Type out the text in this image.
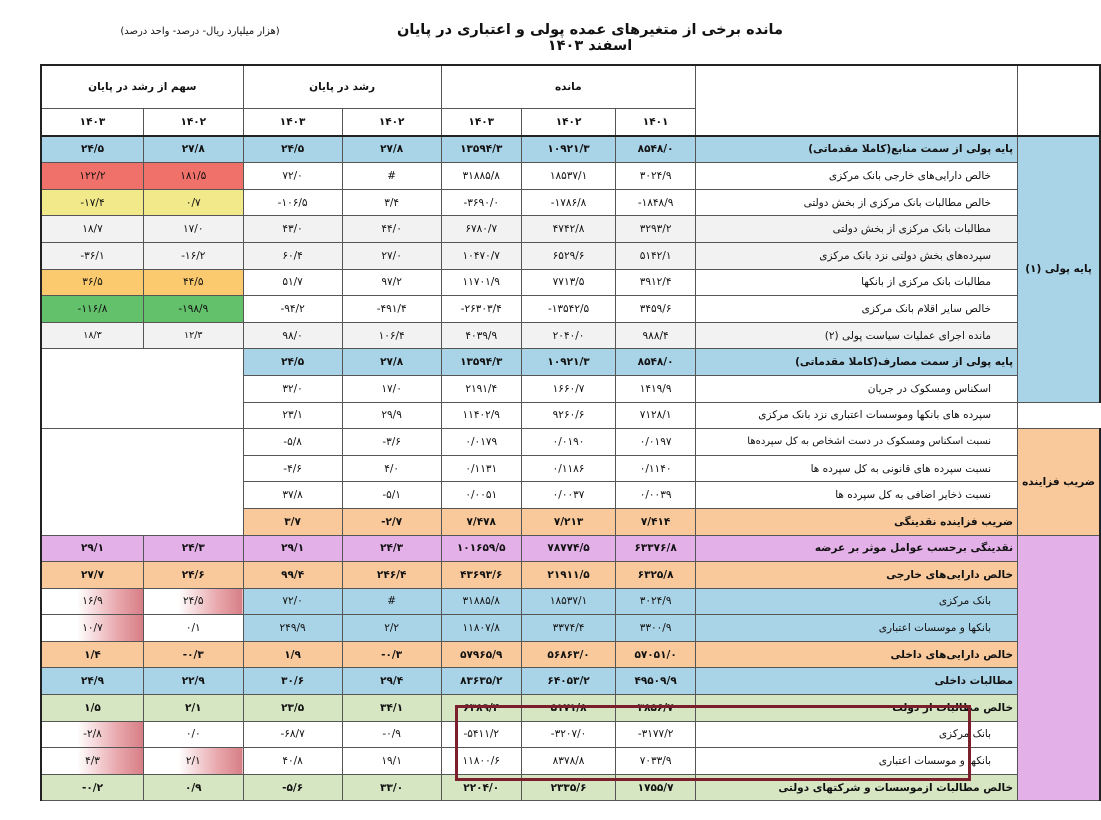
مانده برخی از متغیرهای عمده پولی و اعتباری در پایان اسفند ۱۴۰۳
(هزار میلیارد ریال- درصد- واحد درصد)
سهم از رشد در پایان		رشد در پایان		مانده				
۱۴۰۳	۱۴۰۲	۱۴۰۳	۱۴۰۲	۱۴۰۳	۱۴۰۲	۱۴۰۱		
۲۴/۵	۲۷/۸	۲۴/۵	۲۷/۸	۱۳۵۹۴/۳	۱۰۹۲۱/۳	۸۵۴۸/۰	پایه پولی از سمت منابع(کاملا مقدماتی)	پایه پولی (۱)
۱۲۲/۲	۱۸۱/۵	۷۲/۰	#	۳۱۸۸۵/۸	۱۸۵۳۷/۱	۳۰۲۴/۹	خالص دارایی‌های خارجی بانک مرکزی	
-۱۷/۴	۰/۷	-۱۰۶/۵	۳/۴	-۳۶۹۰/۰	-۱۷۸۶/۸	-۱۸۴۸/۹	خالص مطالبات بانک مرکزی از بخش دولتی	
۱۸/۷	۱۷/۰	۴۳/۰	۴۴/۰	۶۷۸۰/۷	۴۷۴۲/۸	۳۲۹۳/۲	مطالبات بانک مرکزی از بخش دولتی	
-۳۶/۱	-۱۶/۲	۶۰/۴	۲۷/۰	۱۰۴۷۰/۷	۶۵۲۹/۶	۵۱۴۲/۱	سپرده‌های بخش دولتی نزد بانک مرکزی	
۳۶/۵	۴۴/۵	۵۱/۷	۹۷/۲	۱۱۷۰۱/۹	۷۷۱۳/۵	۳۹۱۲/۴	مطالبات بانک مرکزی از بانکها	
-۱۱۶/۸	-۱۹۸/۹	-۹۴/۲	-۴۹۱/۴	-۲۶۳۰۳/۴	-۱۳۵۴۲/۵	۳۴۵۹/۶	خالص سایر اقلام بانک مرکزی	
۱۸/۳	۱۲/۳	۹۸/۰	۱۰۶/۴	۴۰۳۹/۹	۲۰۴۰/۰	۹۸۸/۴	مانده اجرای عملیات سیاست پولی (۲)	
		۲۴/۵	۲۷/۸	۱۳۵۹۴/۳	۱۰۹۲۱/۳	۸۵۴۸/۰	پایه پولی از سمت مصارف(کاملا مقدماتی)	
		۳۲/۰	۱۷/۰	۲۱۹۱/۴	۱۶۶۰/۷	۱۴۱۹/۹	اسکناس ومسکوک در جریان	
		۲۳/۱	۲۹/۹	۱۱۴۰۲/۹	۹۲۶۰/۶	۷۱۲۸/۱	سپرده های بانکها وموسسات اعتباری نزد بانک مرکزی	
		-۵/۸	-۳/۶	۰/۰۱۷۹	۰/۰۱۹۰	۰/۰۱۹۷	نسبت اسکناس ومسکوک در دست اشخاص به کل سپرده‌ها	ضریب فزاینده
		-۴/۶	۴/۰	۰/۱۱۳۱	۰/۱۱۸۶	۰/۱۱۴۰	نسبت سپرده های قانونی به کل سپرده ها	
		۳۷/۸	-۵/۱	۰/۰۰۵۱	۰/۰۰۳۷	۰/۰۰۳۹	نسبت ذخایر اضافی به کل سپرده ها	
		۳/۷	-۲/۷	۷/۴۷۸	۷/۲۱۳	۷/۴۱۴	ضریب فزاینده نقدینگی	
۲۹/۱	۲۴/۳	۲۹/۱	۲۴/۳	۱۰۱۶۵۹/۵	۷۸۷۷۴/۵	۶۳۳۷۶/۸	نقدینگی برحسب عوامل موثر بر عرضه	
۲۷/۷	۲۴/۶	۹۹/۴	۲۴۶/۴	۴۳۶۹۳/۶	۲۱۹۱۱/۵	۶۳۲۵/۸	خالص دارایی‌های خارجی	
۱۶/۹	۲۴/۵	۷۲/۰	#	۳۱۸۸۵/۸	۱۸۵۳۷/۱	۳۰۲۴/۹	بانک مرکزی	
۱۰/۷	۰/۱	۲۴۹/۹	۲/۲	۱۱۸۰۷/۸	۳۳۷۴/۴	۳۳۰۰/۹	بانکها و موسسات اعتباری	
۱/۴	-۰/۳	۱/۹	-۰/۳	۵۷۹۶۵/۹	۵۶۸۶۳/۰	۵۷۰۵۱/۰	خالص دارایی‌های داخلی	
۲۴/۹	۲۲/۹	۳۰/۶	۲۹/۴	۸۳۶۳۵/۲	۶۴۰۵۳/۲	۴۹۵۰۹/۹	مطالبات داخلی	
۱/۵	۲/۱	۲۳/۵	۳۴/۱	۶۳۸۹/۴	۵۱۷۱/۸	۳۸۵۶/۷	خالص مطالبات از دولت	
-۲/۸	۰/۰	-۶۸/۷	-۰/۹	-۵۴۱۱/۲	-۳۲۰۷/۰	-۳۱۷۷/۲	بانک مرکزی	
۴/۳	۲/۱	۴۰/۸	۱۹/۱	۱۱۸۰۰/۶	۸۳۷۸/۸	۷۰۳۳/۹	بانکها و موسسات اعتباری	
-۰/۲	۰/۹	-۵/۶	۳۳/۰	۲۲۰۴/۰	۲۳۳۵/۶	۱۷۵۵/۷	خالص مطالبات ازموسسات و شرکتهای دولتی	
